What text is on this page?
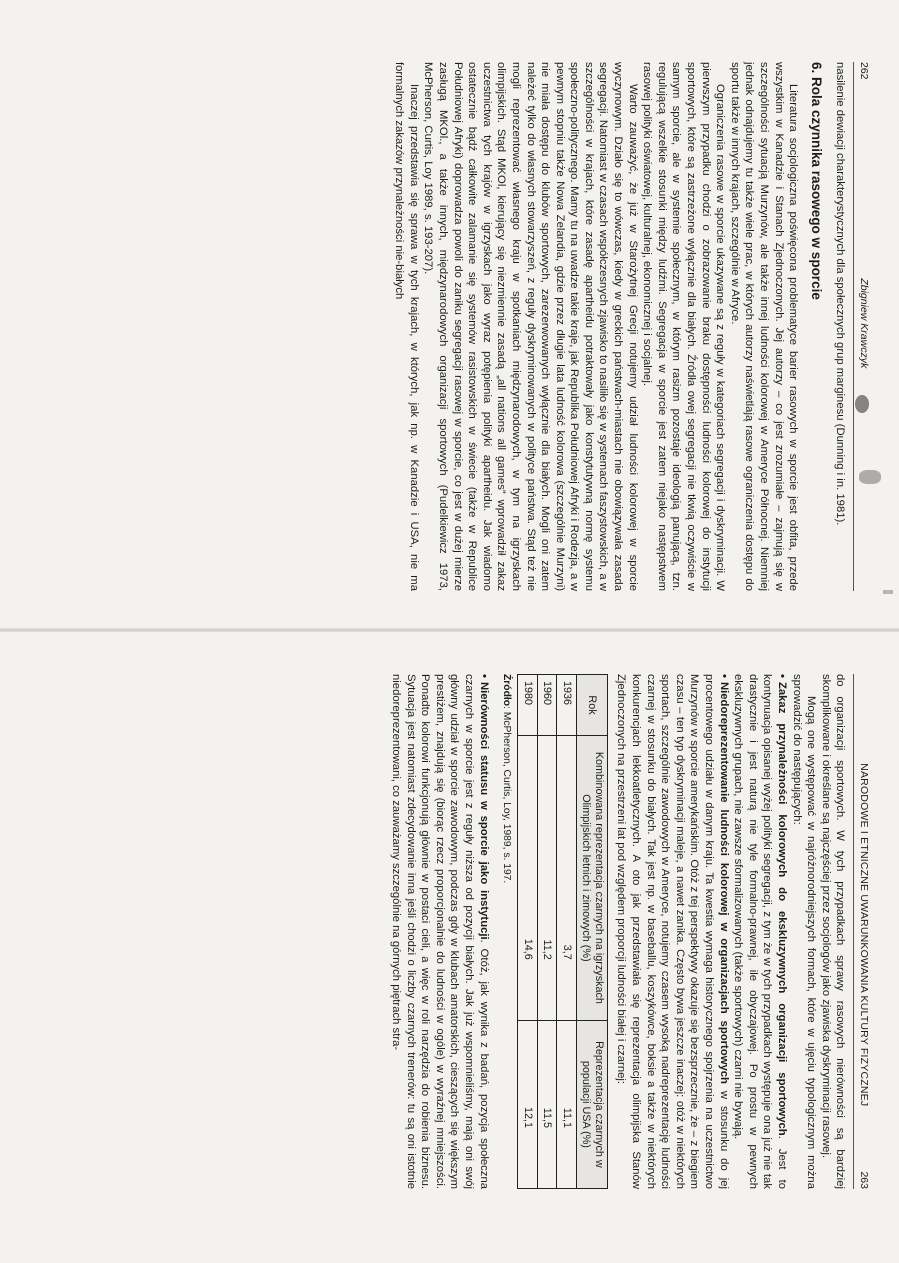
262
Zbigniew Krawczyk

nasilenie dewiacji charakterystycznych dla społecznych grup marginesu (Dunning i in. 1981).

6. Rola czynnika rasowego w sporcie

Literatura socjologiczna poświęcona problematyce barier rasowych w sporcie jest obfita, przede wszystkim w Kanadzie i Stanach Zjednoczonych. Jej autorzy – co jest zrozumiałe – zajmują się w szczególności sytuacją Murzynów, ale także innej ludności kolorowej w Ameryce Północnej. Niemniej jednak odnajdujemy tu także wiele prac, w których autorzy naświetlają rasowe ograniczenia dostępu do sportu także w innych krajach, szczególnie w Afryce.

Ograniczenia rasowe w sporcie ukazywane są z reguły w kategoriach segregacji i dyskryminacji. W pierwszym przypadku chodzi o zobrazowanie braku dostępności ludności kolorowej do instytucji sportowych, które są zastrzeżone wyłącznie dla białych. Źródła owej segregacji nie tkwią oczywiście w samym sporcie, ale w systemie społecznym, w którym rasizm pozostaje ideologią panującą, tzn. regulującą wszelkie stosunki między ludźmi. Segregacja w sporcie jest zatem niejako następstwem rasowej polityki oświatowej, kulturalnej, ekonomicznej i socjalnej.

Warto zauważyć, że już w Starożytnej Grecji notujemy udział ludności kolorowej w sporcie wyczynowym. Działo się to wówczas, kiedy w greckich państwach-miastach nie obowiązywała zasada segregacji. Natomiast w czasach współczesnych zjawisko to nasiliło się w systemach faszystowskich, a w szczególności w krajach, które zasadę apartheidu potraktowały jako konstytutywną normę systemu społeczno-politycznego. Mamy tu na uwadze takie kraje, jak Republika Południowej Afryki i Rodezja, a w pewnym stopniu także Nowa Zelandia, gdzie przez długie lata ludność kolorowa (szczególnie Murzyni) nie miała dostępu do klubów sportowych, zarezerwowanych wyłącznie dla białych. Mogli oni zatem należeć tylko do własnych stowarzyszeń, z reguły dyskryminowanych w polityce państwa. Stąd też nie mogli reprezentować własnego kraju w spotkaniach międzynarodowych, w tym na igrzyskach olimpijskich. Stąd MKOl, kierujący się niezmiennie zasadą „all nations all games” wprowadził zakaz uczestnictwa tych krajów w igrzyskach jako wyraz potępienia polityki apartheidu. Jak wiadomo ostatecznie bądź całkowite zalamanie się systemów rasistowskich w świecie (także w Republice Południowej Afryki) doprowadza powoli do zaniku segregacji rasowej w sporcie, co jest w dużej mierze zasługą MKOl., a także innych, międzynarodowych organizacji sportowych (Pudelkiewicz 1973, McPherson, Curtis, Loy 1989, s. 193-207).

Inaczej przedstawia się sprawa w tych krajach, w których, jak np. w Kanadzie i USA, nie ma formalnych zakazów przynależności nie-białych

NARODOWE I ETNICZNE UWARUNKOWANIA KULTURY FIZYCZNEJ
263

do organizacji sportowych. W tych przypadkach sprawy rasowych nierówności są bardziej skomplikowane i określane są najczęściej przez socjologów jako zjawiska dyskryminacji rasowej.

Mogą one występować w najróżnorodniejszych formach, które w ujęciu typologicznym można sprowadzić do następujących:

•Zakaz przynależności kolorowych do ekskluzywnych organizacji sportowych. Jest to kontynuacja opisanej wyżej polityki segregacji, z tym że w tych przypadkach występuje ona już nie tak drastycznie i jest naturą nie tyle formalno-prawnej, ile obyczajowej. Po prostu w pewnych ekskluzywnych grupach, nie zawsze sformalizowanych (także sportowych) czarni nie bywają.

•Niedoreprezentowanie ludności kolorowej w organizacjach sportowych w stosunku do jej procentowego udziału w danym kraju. Ta kwestia wymaga historycznego spojrzenia na uczestnictwo Murzynów w sporcie amerykańskim. Otóż z tej perspektywy okazuje się bezsprzecznie, że – z biegiem czasu – ten typ dyskryminacji maleje, a nawet zanika. Często bywa jeszcze inaczej: otóż w niektórych sportach, szczególnie zawodowych w Ameryce, notujemy czasem wysoką nadreprezentację ludności czarnej w stosunku do białych. Tak jest np. w baseballu, koszykówce, boksie a także w niektórych konkurencjach lekkoatletycznych. A oto jak przedstawiała się reprezentacja olimpijska Stanów Zjednoczonych na przestrzeni lat pod względem proporcji ludności białej i czarnej:

Rok	Kombinowana reprezentacja czarnych na igrzyskach Olimpijskich letnich i zimowych (%)	Reprezentacja czarnych w populacji USA (%)
1936	3,7	11,1
1960	11,2	11,5
1980	14,6	12,1
Źródło: McPherson, Curtis, Loy, 1989, s. 197.

•Nierówności statusu w sporcie jako instytucji. Otóż, jak wynika z badań, pozycja społeczna czarnych w sporcie jest z reguły niższa od pozycji białych. Jak już wspomnieliśmy, mają oni swój główny udział w sporcie zawodowym, podczas gdy w klubach amatorskich, cieszących się większym prestiżem, znajdują się (biorąc rzecz proporcjonalnie do ludności w ogóle) w wyraźnej mniejszości. Ponadto kolorowi funkcjonują głównie w postaci cieli, a więc w roli narzędzia do robienia biznesu. Sytuacja jest natomiast zdecydowanie inna jeśli chodzi o liczby czarnych trenerów: tu są oni istotnie niedoreprezentowani, co zauważamy szczególnie na górnych piętrach stra-
